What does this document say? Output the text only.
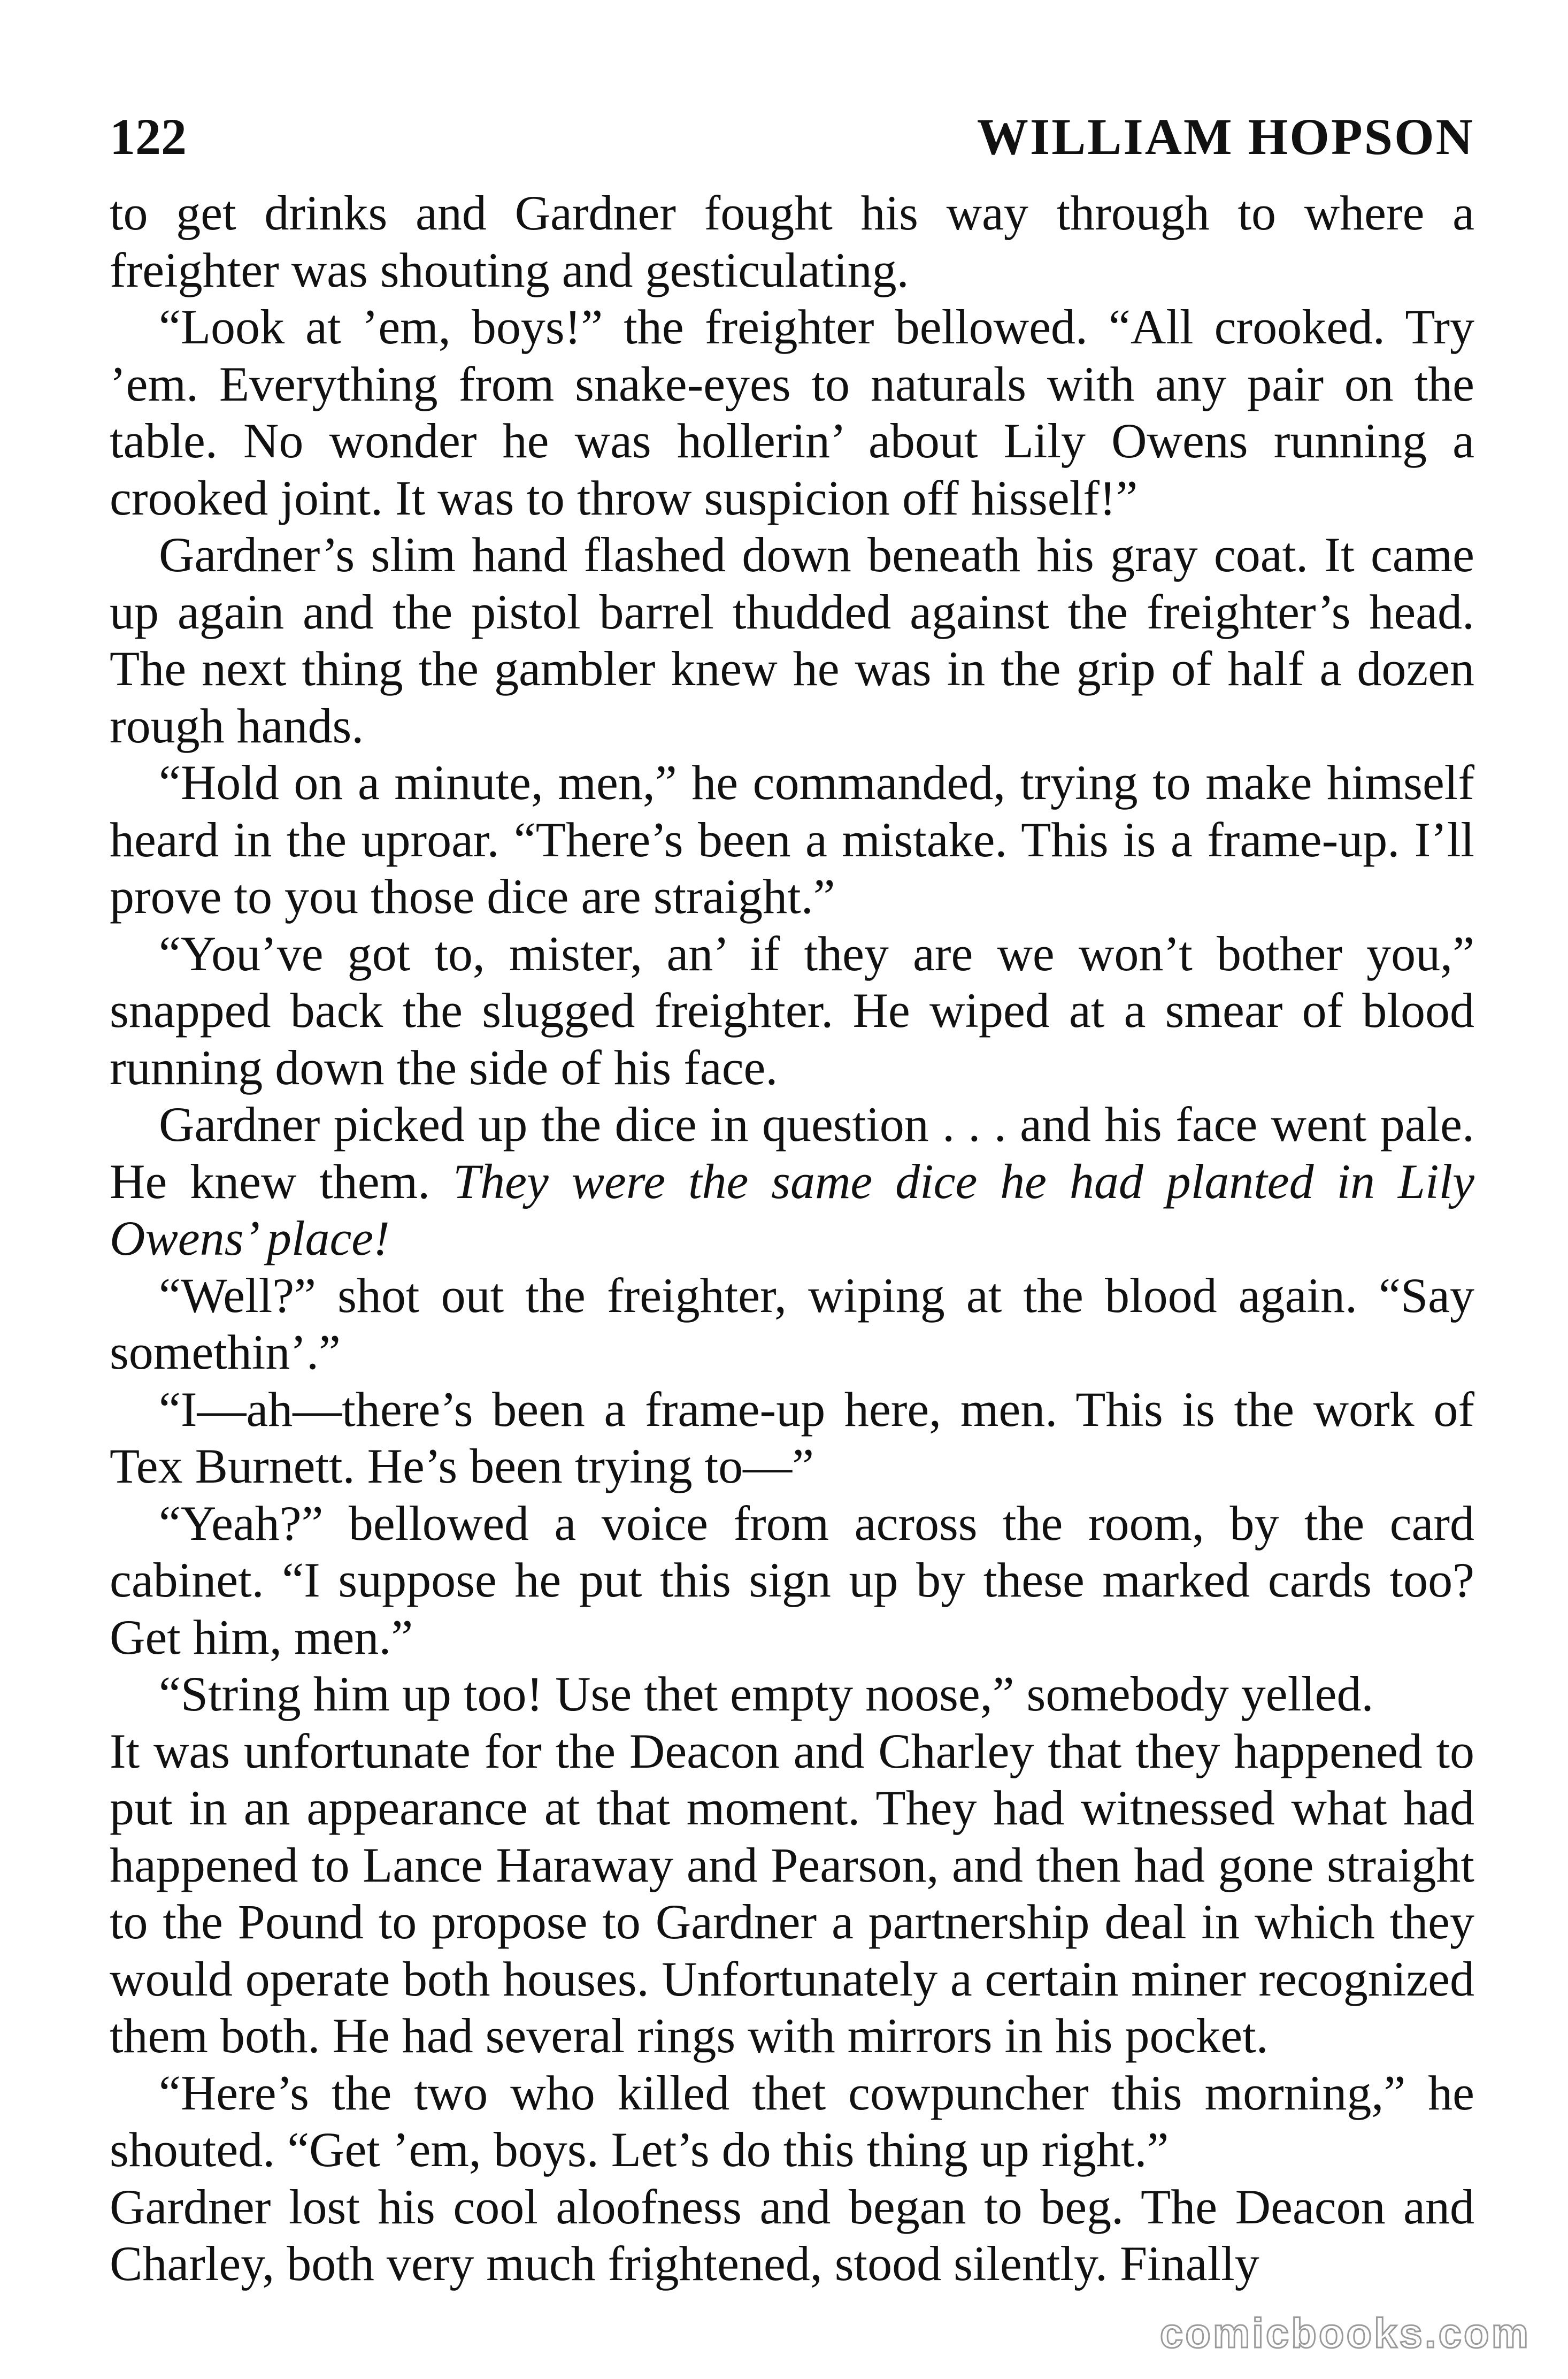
122	WILLIAM HOPSON

to get drinks and Gardner fought his way through to where a freighter was shouting and gesticulating.

“Look at ’em, boys!” the freighter bellowed. “All crooked. Try ’em. Everything from snake-eyes to naturals with any pair on the table. No wonder he was hollerin’ about Lily Owens running a crooked joint. It was to throw suspicion off hisself!”

Gardner’s slim hand flashed down beneath his gray coat. It came up again and the pistol barrel thudded against the freighter’s head. The next thing the gambler knew he was in the grip of half a dozen rough hands.

“Hold on a minute, men,” he commanded, trying to make himself heard in the uproar. “There’s been a mistake. This is a frame-up. I’ll prove to you those dice are straight.”

“You’ve got to, mister, an’ if they are we won’t bother you,” snapped back the slugged freighter. He wiped at a smear of blood running down the side of his face.

Gardner picked up the dice in question . . . and his face went pale. He knew them. They were the same dice he had planted in Lily Owens’ place!

“Well?” shot out the freighter, wiping at the blood again. “Say somethin’.”

“I—ah—there’s been a frame-up here, men. This is the work of Tex Burnett. He’s been trying to—”

“Yeah?” bellowed a voice from across the room, by the card cabinet. “I suppose he put this sign up by these marked cards too? Get him, men.”

“String him up too! Use thet empty noose,” somebody yelled.

It was unfortunate for the Deacon and Charley that they happened to put in an appearance at that moment. They had witnessed what had happened to Lance Haraway and Pearson, and then had gone straight to the Pound to propose to Gardner a partnership deal in which they would operate both houses. Unfortunately a certain miner recognized them both. He had several rings with mirrors in his pocket.

“Here’s the two who killed thet cowpuncher this morning,” he shouted. “Get ’em, boys. Let’s do this thing up right.”

Gardner lost his cool aloofness and began to beg. The Deacon and Charley, both very much frightened, stood silently. Finally

comicbooks.com
